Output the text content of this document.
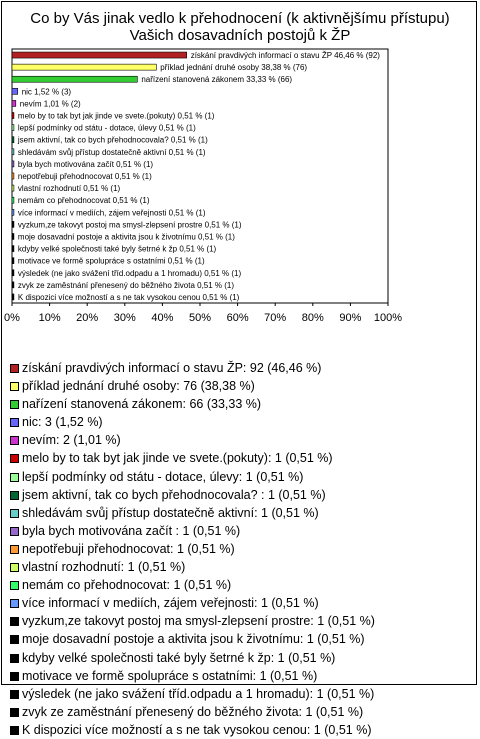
Co by Vás jinak vedlo k přehodnocení (k aktivnějšímu přístupu)
Vašich dosavadních postojů k ŽP
získání pravdivých informací o stavu ŽP 46,46 % (92)
příklad jednání druhé osoby 38,38 % (76)
nařízení stanovená zákonem 33,33 % (66)
nic 1,52 % (3)
nevím 1,01 % (2)
melo by to tak byt jak jinde ve svete.(pokuty) 0,51 % (1)
lepší podmínky od státu - dotace, úlevy 0,51 % (1)
jsem aktivní, tak co bych přehodnocovala? 0,51 % (1)
shledávám svůj přístup dostatečně aktivní 0,51 % (1)
byla bych motivována začít 0,51 % (1)
nepotřebuji přehodnocovat 0,51 % (1)
vlastní rozhodnutí 0,51 % (1)
nemám co přehodnocovat 0,51 % (1)
více informací v mediích, zájem veřejnosti 0,51 % (1)
vyzkum,ze takovyt postoj ma smysl-zlepsení prostre 0,51 % (1)
moje dosavadní postoje a aktivita jsou k životnímu 0,51 % (1)
kdyby velké společnosti také byly šetrné k žp 0,51 % (1)
motivace ve formě spolupráce s ostatními 0,51 % (1)
výsledek (ne jako svážení tříd.odpadu a 1 hromadu) 0,51 % (1)
zvyk ze zaměstnání přenesený do běžného života 0,51 % (1)
K dispozici více možností a s ne tak vysokou cenou 0,51 % (1)
0% 10% 20% 30% 40% 50% 60% 70% 80% 90% 100%
získání pravdivých informací o stavu ŽP: 92 (46,46 %)
příklad jednání druhé osoby: 76 (38,38 %)
nařízení stanovená zákonem: 66 (33,33 %)
nic: 3 (1,52 %)
nevím: 2 (1,01 %)
melo by to tak byt jak jinde ve svete.(pokuty): 1 (0,51 %)
lepší podmínky od státu - dotace, úlevy: 1 (0,51 %)
jsem aktivní, tak co bych přehodnocovala? : 1 (0,51 %)
shledávám svůj přístup dostatečně aktivní: 1 (0,51 %)
byla bych motivována začít : 1 (0,51 %)
nepotřebuji přehodnocovat: 1 (0,51 %)
vlastní rozhodnutí: 1 (0,51 %)
nemám co přehodnocovat: 1 (0,51 %)
více informací v mediích, zájem veřejnosti: 1 (0,51 %)
vyzkum,ze takovyt postoj ma smysl-zlepsení prostre: 1 (0,51 %)
moje dosavadní postoje a aktivita jsou k životnímu: 1 (0,51 %)
kdyby velké společnosti také byly šetrné k žp: 1 (0,51 %)
motivace ve formě spolupráce s ostatními: 1 (0,51 %)
výsledek (ne jako svážení tříd.odpadu a 1 hromadu): 1 (0,51 %)
zvyk ze zaměstnání přenesený do běžného života: 1 (0,51 %)
K dispozici více možností a s ne tak vysokou cenou: 1 (0,51 %)
